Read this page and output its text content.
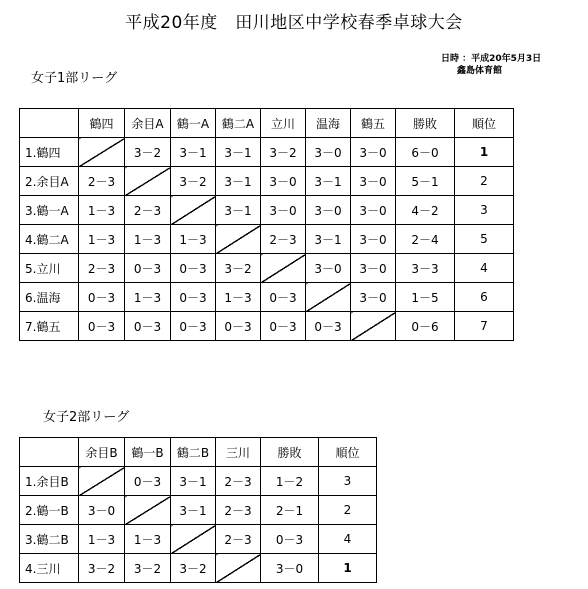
平成20年度　田川地区中学校春季卓球大会
日時 ：平成20年5月3日
鑫島体育館
女子1部リーグ
	鶴四	余目A	鶴一A	鶴二A	立川	温海	鶴五	勝敗	順位
1.鶴四		3－2	3－1	3－1	3－2	3－0	3－0	6－0	1
2.余目A	2－3		3－2	3－1	3－0	3－1	3－0	5－1	2
3.鶴一A	1－3	2－3		3－1	3－0	3－0	3－0	4－2	3
4.鶴二A	1－3	1－3	1－3		2－3	3－1	3－0	2－4	5
5.立川	2－3	0－3	0－3	3－2		3－0	3－0	3－3	4
6.温海	0－3	1－3	0－3	1－3	0－3		3－0	1－5	6
7.鶴五	0－3	0－3	0－3	0－3	0－3	0－3		0－6	7
女子2部リーグ
	余目B	鶴一B	鶴二B	三川	勝敗	順位
1.余目B		0－3	3－1	2－3	1－2	3
2.鶴一B	3－0		3－1	2－3	2－1	2
3.鶴二B	1－3	1－3		2－3	0－3	4
4.三川	3－2	3－2	3－2		3－0	1
